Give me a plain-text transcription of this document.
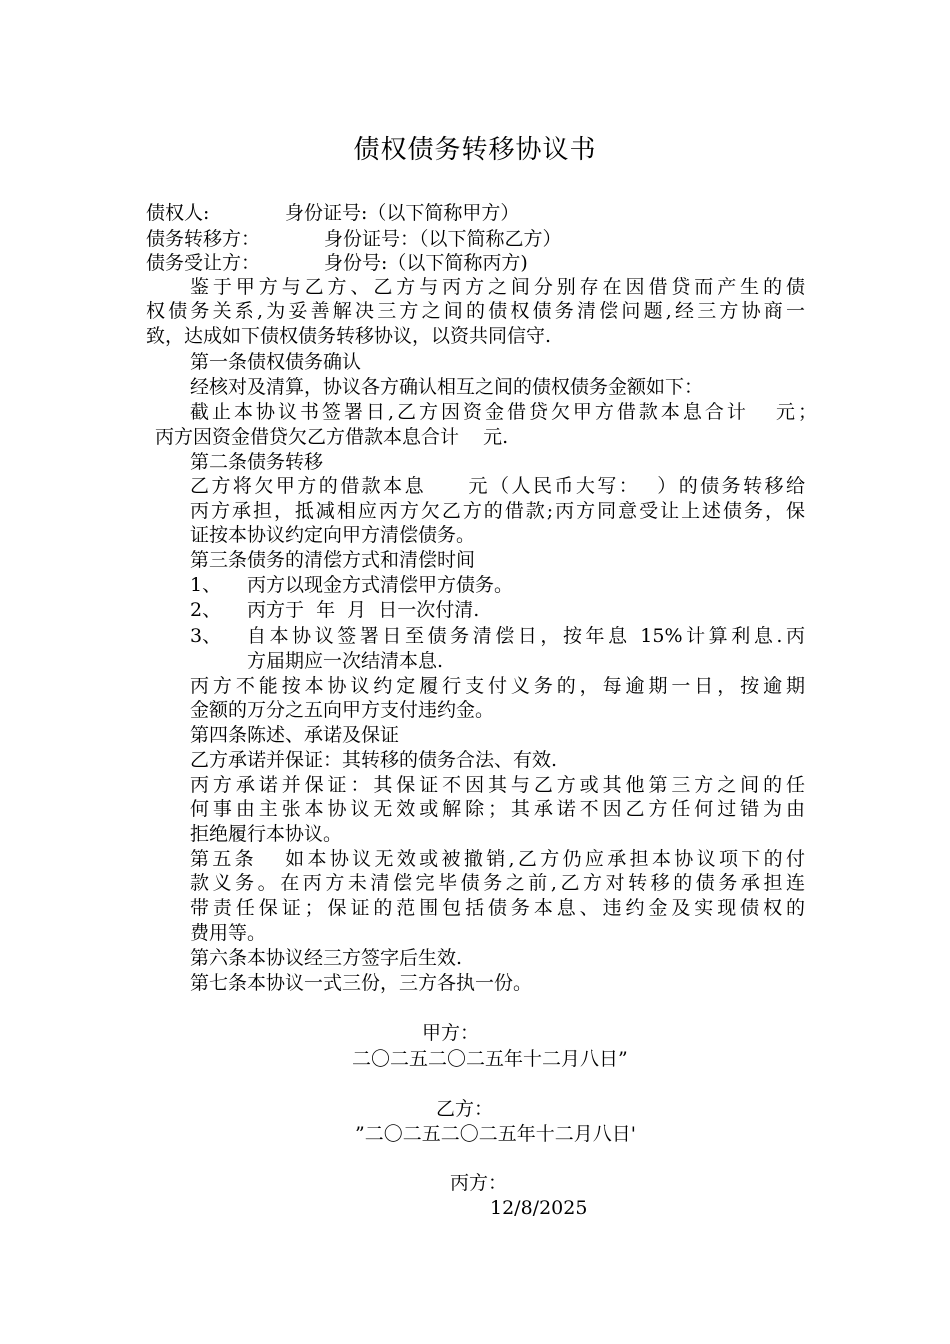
债权债务转移协议书
债权人:	身份证号:（以下简称甲方）
债务转移方：	身份证号：（以下简称乙方）
债务受让方：	身份号:（以下简称丙方)
鉴于甲方与乙方、乙方与丙方之间分别存在因借贷而产生的债
权债务关系,为妥善解决三方之间的债权债务清偿问题,经三方协商一
致，达成如下债权债务转移协议，以资共同信守.
第一条债权债务确认
经核对及清算，协议各方确认相互之间的债权债务金额如下：
截止本协议书签署日,乙方因资金借贷欠甲方借款本息合计   元；
丙方因资金借贷欠乙方借款本息合计    元.
第二条债务转移
乙方将欠甲方的借款本息     元（人民币大写：  ）的债务转移给
丙方承担，抵减相应丙方欠乙方的借款;丙方同意受让上述债务，保
证按本协议约定向甲方清偿债务。
第三条债务的清偿方式和清偿时间
1、 丙方以现金方式清偿甲方债务。
2、 丙方于  年  月  日一次付清.
3、 自本协议签署日至债务清偿日，按年息 15%计算利息.丙
方届期应一次结清本息.
丙方不能按本协议约定履行支付义务的，每逾期一日，按逾期
金额的万分之五向甲方支付违约金。
第四条陈述、承诺及保证
乙方承诺并保证：其转移的债务合法、有效.
丙方承诺并保证：其保证不因其与乙方或其他第三方之间的任
何事由主张本协议无效或解除；其承诺不因乙方任何过错为由
拒绝履行本协议。
第五条   如本协议无效或被撤销,乙方仍应承担本协议项下的付
款义务。在丙方未清偿完毕债务之前,乙方对转移的债务承担连
带责任保证；保证的范围包括债务本息、违约金及实现债权的
费用等。
第六条本协议经三方签字后生效.
第七条本协议一式三份，三方各执一份。
甲方：
二〇二五二〇二五年十二月八日”
乙方：
”二〇二五二〇二五年十二月八日'
丙方：
12/8/2025
